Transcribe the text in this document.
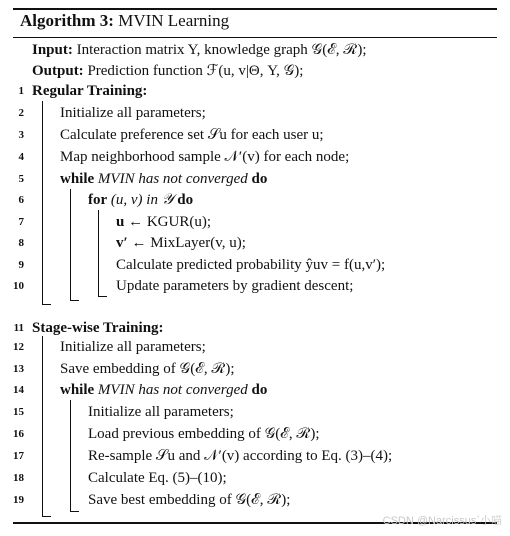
Algorithm 3: MVIN Learning
Input: Interaction matrix Y, knowledge graph 𝒢(ℰ, ℛ);
Output: Prediction function ℱ(u, v|Θ, Y, 𝒢);
1 Regular Training:
2 Initialize all parameters;
3 Calculate preference set 𝒮u for each user u;
4 Map neighborhood sample 𝒩′(v) for each node;
5 while MVIN has not converged do
6	for (u, v) in 𝒴 do
7	u ← KGUR(u);
8	v′ ← MixLayer(v, u);
9	Calculate predicted probability ŷuv = f(u,v′);
10	Update parameters by gradient descent;
11 Stage-wise Training:
12 Initialize all parameters;
13 Save embedding of 𝒢(ℰ, ℛ);
14 while MVIN has not converged do
15	Initialize all parameters;
16	Load previous embedding of 𝒢(ℰ, ℛ);
17	Re-sample 𝒮u and 𝒩′(v) according to Eq. (3)–(4);
18	Calculate Eq. (5)–(10);
19	Save best embedding of 𝒢(ℰ, ℛ);
CSDN @Narcissus`小喵
